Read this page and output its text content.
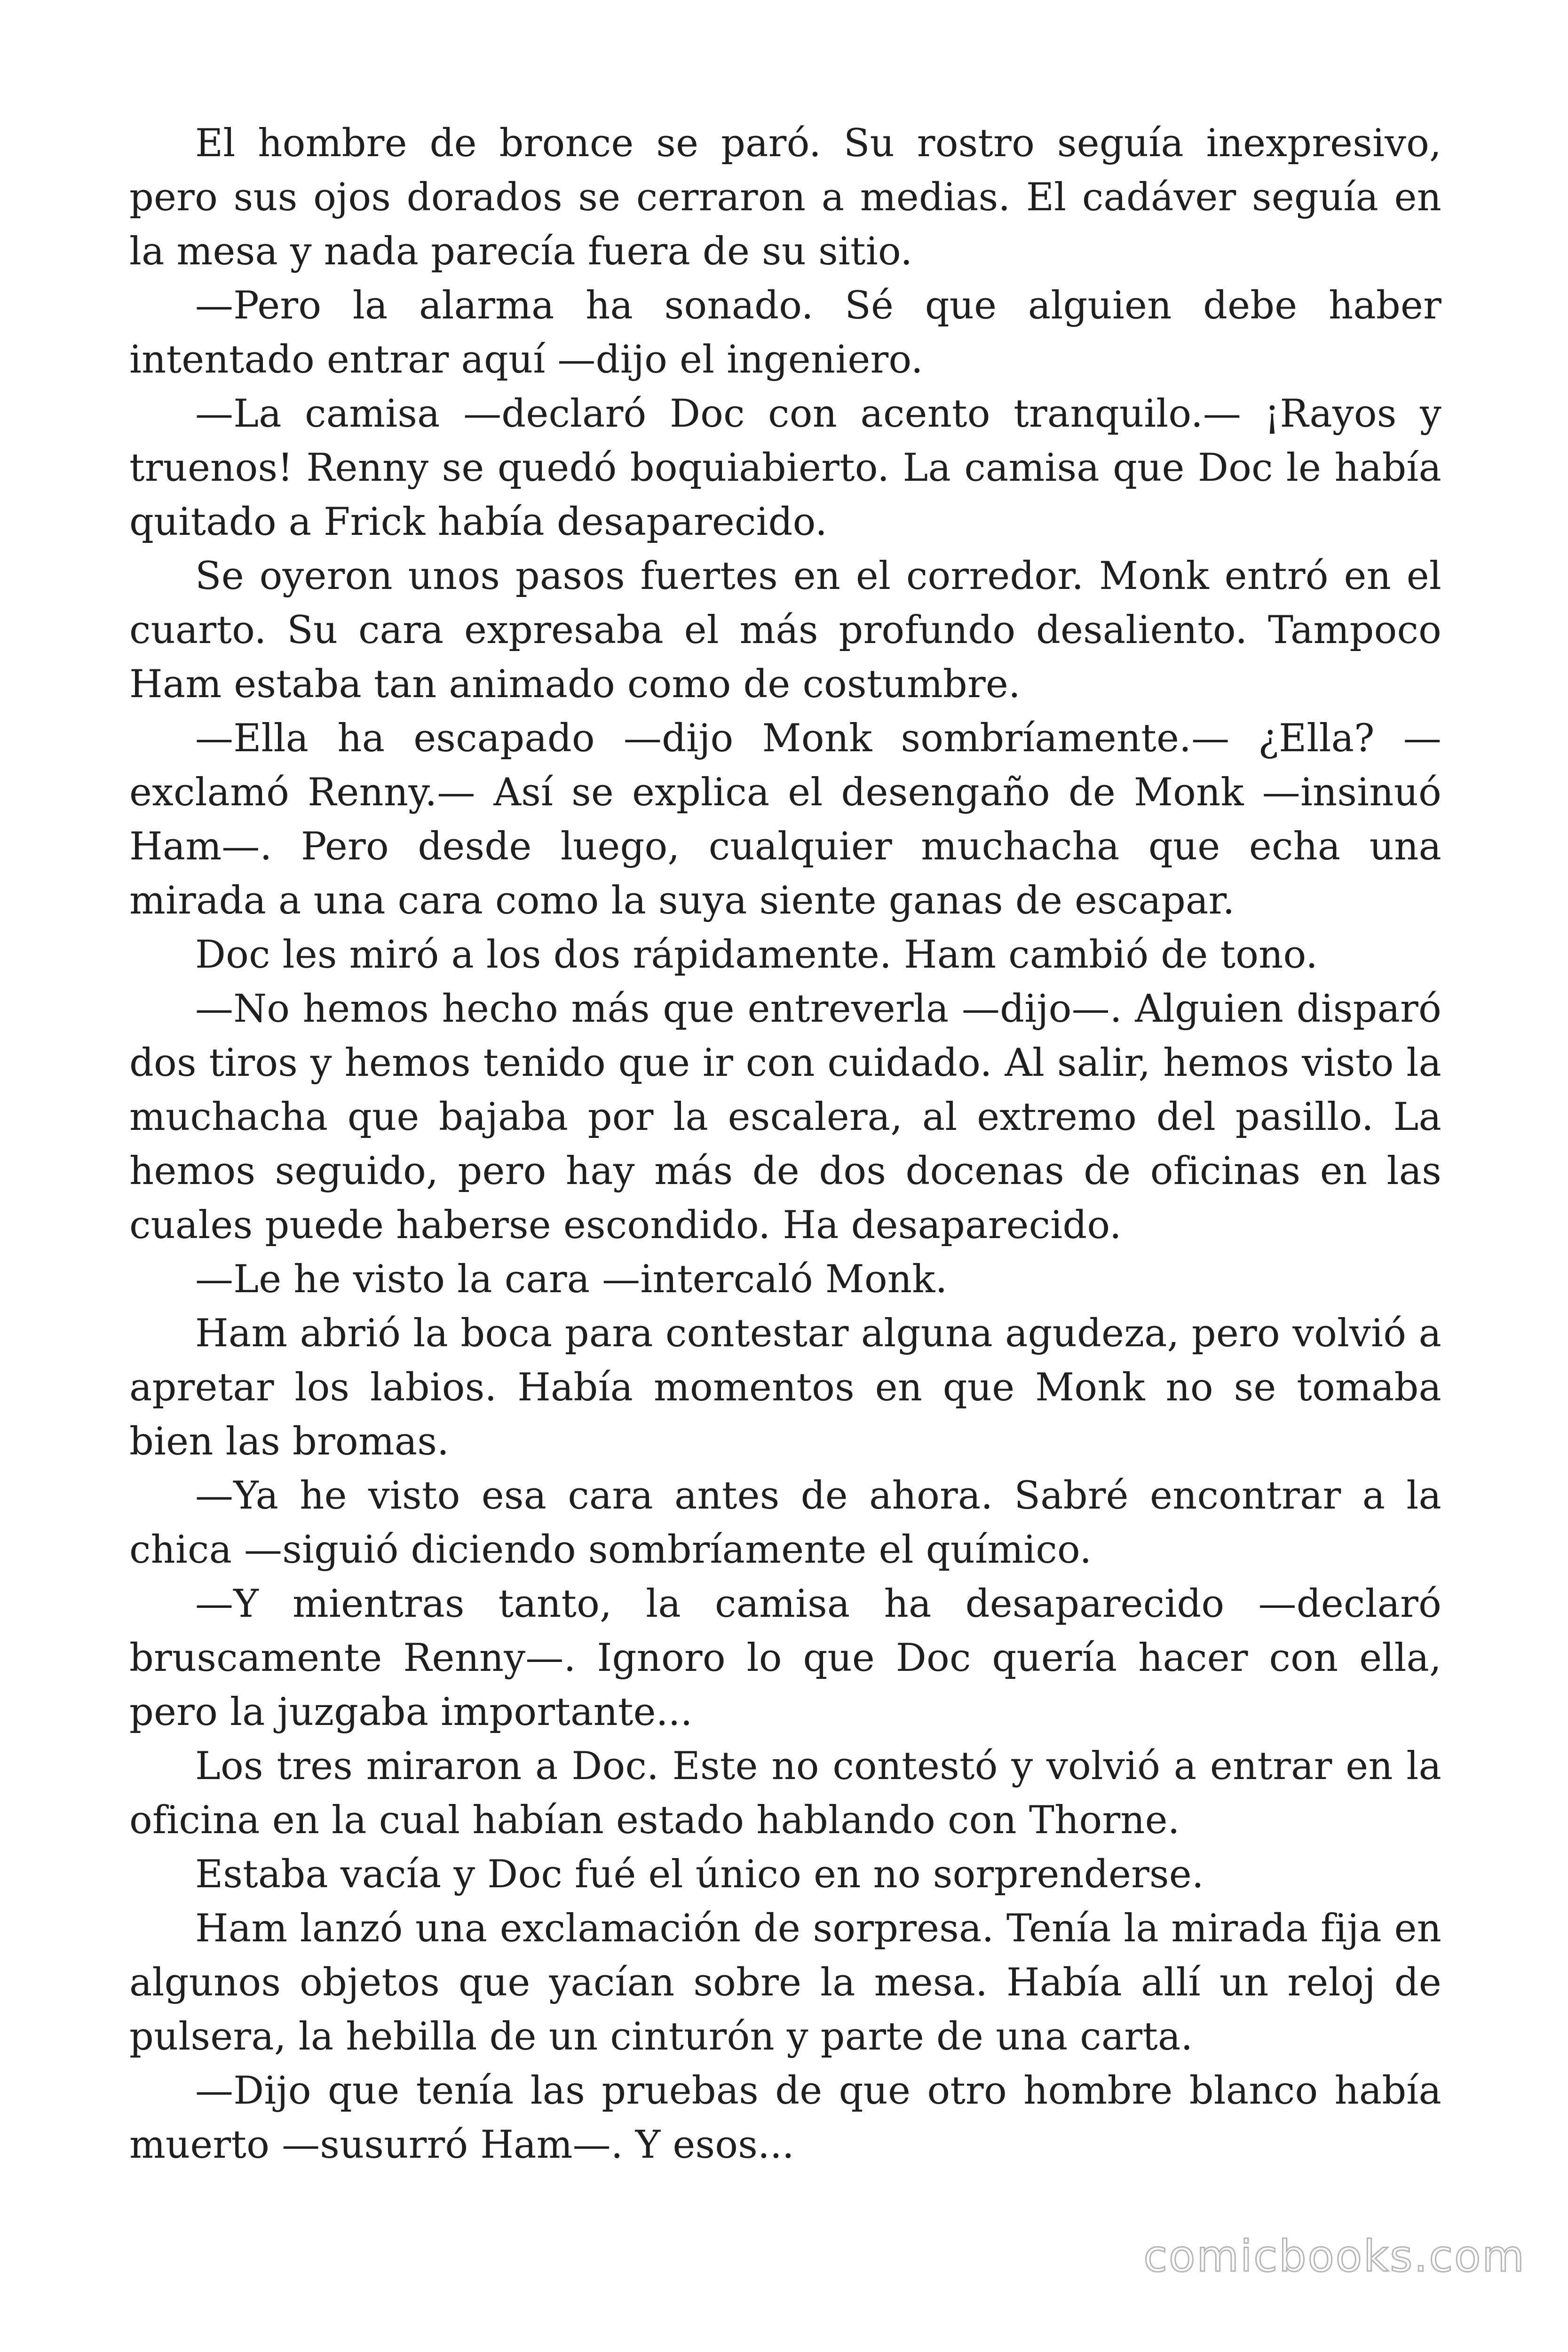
El hombre de bronce se paró. Su rostro seguía inexpresivo, pero sus ojos dorados se cerraron a medias. El cadáver seguía en la mesa y nada parecía fuera de su sitio.

—Pero la alarma ha sonado. Sé que alguien debe haber intentado entrar aquí —dijo el ingeniero.

—La camisa —declaró Doc con acento tranquilo.— ¡Rayos y truenos! Renny se quedó boquiabierto. La camisa que Doc le había quitado a Frick había desaparecido.

Se oyeron unos pasos fuertes en el corredor. Monk entró en el cuarto. Su cara expresaba el más profundo desaliento. Tampoco Ham estaba tan animado como de costumbre.

—Ella ha escapado —dijo Monk sombríamente.— ¿Ella? —exclamó Renny.— Así se explica el desengaño de Monk —insinuó Ham—. Pero desde luego, cualquier muchacha que echa una mirada a una cara como la suya siente ganas de escapar.

Doc les miró a los dos rápidamente. Ham cambió de tono.

—No hemos hecho más que entreverla —dijo—. Alguien disparó dos tiros y hemos tenido que ir con cuidado. Al salir, hemos visto la muchacha que bajaba por la escalera, al extremo del pasillo. La hemos seguido, pero hay más de dos docenas de oficinas en las cuales puede haberse escondido. Ha desaparecido.

—Le he visto la cara —intercaló Monk.

Ham abrió la boca para contestar alguna agudeza, pero volvió a apretar los labios. Había momentos en que Monk no se tomaba bien las bromas.

—Ya he visto esa cara antes de ahora. Sabré encontrar a la chica —siguió diciendo sombríamente el químico.

—Y mientras tanto, la camisa ha desaparecido —declaró bruscamente Renny—. Ignoro lo que Doc quería hacer con ella, pero la juzgaba importante...

Los tres miraron a Doc. Este no contestó y volvió a entrar en la oficina en la cual habían estado hablando con Thorne.

Estaba vacía y Doc fué el único en no sorprenderse.

Ham lanzó una exclamación de sorpresa. Tenía la mirada fija en algunos objetos que yacían sobre la mesa. Había allí un reloj de pulsera, la hebilla de un cinturón y parte de una carta.

—Dijo que tenía las pruebas de que otro hombre blanco había muerto —susurró Ham—. Y esos...

comicbooks.com
